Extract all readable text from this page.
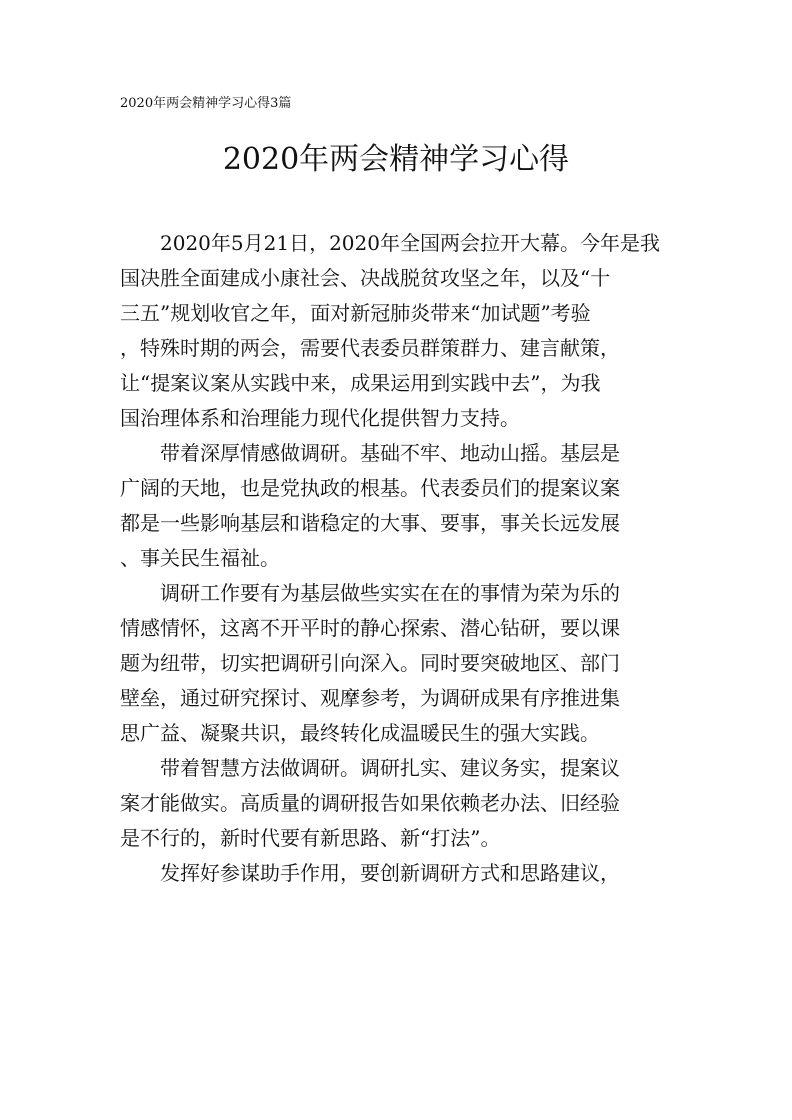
2020年两会精神学习心得3篇
2020年两会精神学习心得
2020年5月21日，2020年全国两会拉开大幕。今年是我
国决胜全面建成小康社会、决战脱贫攻坚之年，以及“十
三五”规划收官之年，面对新冠肺炎带来“加试题”考验
，特殊时期的两会，需要代表委员群策群力、建言献策，
让“提案议案从实践中来，成果运用到实践中去”，为我
国治理体系和治理能力现代化提供智力支持。
带着深厚情感做调研。基础不牢、地动山摇。基层是
广阔的天地，也是党执政的根基。代表委员们的提案议案
都是一些影响基层和谐稳定的大事、要事，事关长远发展
、事关民生福祉。
调研工作要有为基层做些实实在在的事情为荣为乐的
情感情怀，这离不开平时的静心探索、潜心钻研，要以课
题为纽带，切实把调研引向深入。同时要突破地区、部门
壁垒，通过研究探讨、观摩参考，为调研成果有序推进集
思广益、凝聚共识，最终转化成温暖民生的强大实践。
带着智慧方法做调研。调研扎实、建议务实，提案议
案才能做实。高质量的调研报告如果依赖老办法、旧经验
是不行的，新时代要有新思路、新“打法”。
发挥好参谋助手作用，要创新调研方式和思路建议，
